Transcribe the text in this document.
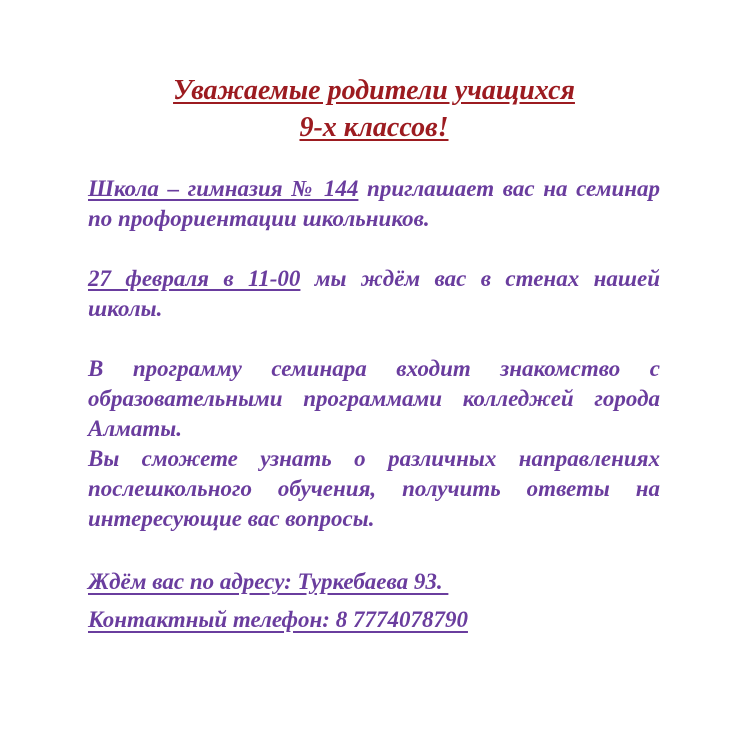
Уважаемые родители учащихся
9-х классов!

Школа – гимназия № 144 приглашает вас на семинар по профориентации школьников.

27 февраля в 11-00 мы ждём вас в стенах нашей школы.

В программу семинара входит знакомство с образовательными программами колледжей города Алматы.

Вы сможете узнать о различных направлениях послешкольного обучения, получить ответы на интересующие вас вопросы.

Ждём вас по адресу: Туркебаева 93.

Контактный телефон: 8 7774078790
